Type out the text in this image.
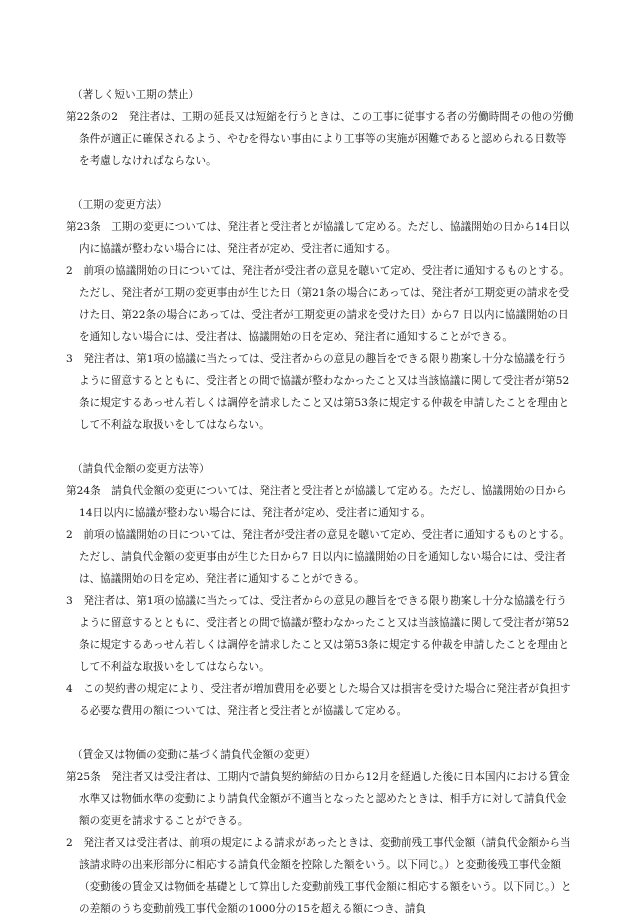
（著しく短い工期の禁止）

第22条の2　発注者は、工期の延長又は短縮を行うときは、この工事に従事する者の労働時間その他の労働条件が適正に確保されるよう、やむを得ない事由により工事等の実施が困難であると認められる日数等を考慮しなければならない。

（工期の変更方法）

第23条　工期の変更については、発注者と受注者とが協議して定める。ただし、協議開始の日から14日以内に協議が整わない場合には、発注者が定め、受注者に通知する。

2　前項の協議開始の日については、発注者が受注者の意見を聴いて定め、受注者に通知するものとする。ただし、発注者が工期の変更事由が生じた日（第21条の場合にあっては、発注者が工期変更の請求を受けた日、第22条の場合にあっては、受注者が工期変更の請求を受けた日）から7 日以内に協議開始の日を通知しない場合には、受注者は、協議開始の日を定め、発注者に通知することができる。

3　発注者は、第1項の協議に当たっては、受注者からの意見の趣旨をできる限り勘案し十分な協議を行うように留意するとともに、受注者との間で協議が整わなかったこと又は当該協議に関して受注者が第52条に規定するあっせん若しくは調停を請求したこと又は第53条に規定する仲裁を申請したことを理由として不利益な取扱いをしてはならない。

（請負代金額の変更方法等）

第24条　請負代金額の変更については、発注者と受注者とが協議して定める。ただし、協議開始の日から14日以内に協議が整わない場合には、発注者が定め、受注者に通知する。

2　前項の協議開始の日については、発注者が受注者の意見を聴いて定め、受注者に通知するものとする。ただし、請負代金額の変更事由が生じた日から7 日以内に協議開始の日を通知しない場合には、受注者は、協議開始の日を定め、発注者に通知することができる。

3　発注者は、第1項の協議に当たっては、受注者からの意見の趣旨をできる限り勘案し十分な協議を行うように留意するとともに、受注者との間で協議が整わなかったこと又は当該協議に関して受注者が第52条に規定するあっせん若しくは調停を請求したこと又は第53条に規定する仲裁を申請したことを理由として不利益な取扱いをしてはならない。

4　この契約書の規定により、受注者が増加費用を必要とした場合又は損害を受けた場合に発注者が負担する必要な費用の額については、発注者と受注者とが協議して定める。

（賃金又は物価の変動に基づく請負代金額の変更）

第25条　発注者又は受注者は、工期内で請負契約締結の日から12月を経過した後に日本国内における賃金水準又は物価水準の変動により請負代金額が不適当となったと認めたときは、相手方に対して請負代金額の変更を請求することができる。

2　発注者又は受注者は、前項の規定による請求があったときは、変動前残工事代金額（請負代金額から当該請求時の出来形部分に相応する請負代金額を控除した額をいう。以下同じ。）と変動後残工事代金額（変動後の賃金又は物価を基礎として算出した変動前残工事代金額に相応する額をいう。以下同じ。）との差額のうち変動前残工事代金額の1000分の15を超える額につき、請負
